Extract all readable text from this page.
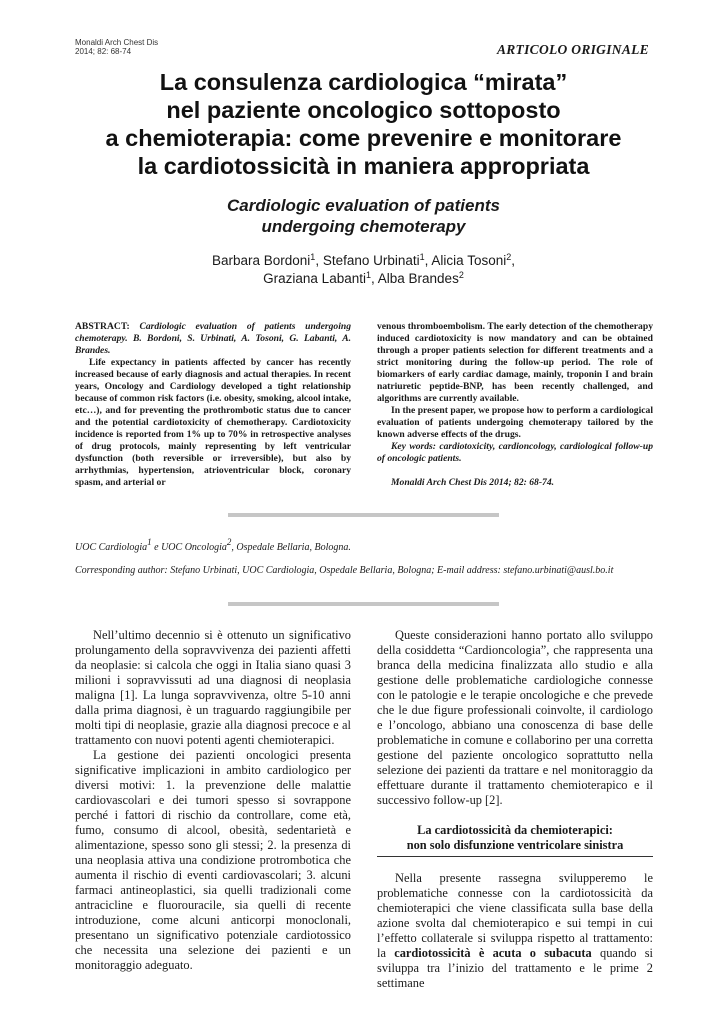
Monaldi Arch Chest Dis
2014; 82: 68-74	ARTICOLO ORIGINALE
La consulenza cardiologica “mirata”
nel paziente oncologico sottoposto
a chemioterapia: come prevenire e monitorare
la cardiotossicità in maniera appropriata
Cardiologic evaluation of patients
undergoing chemoterapy
Barbara Bordoni$^1$, Stefano Urbinati$^1$, Alicia Tosoni$^2$,
Graziana Labanti$^1$, Alba Brandes$^2$

ABSTRACT: Cardiologic evaluation of patients undergoing chemoterapy. B. Bordoni, S. Urbinati, A. Tosoni, G. Labanti, A. Brandes.

Life expectancy in patients affected by cancer has recently increased because of early diagnosis and actual therapies. In recent years, Oncology and Cardiology developed a tight relationship because of common risk factors (i.e. obesity, smoking, alcool intake, etc…), and for preventing the prothrombotic status due to cancer and the potential cardiotoxicity of chemotherapy. Cardiotoxicity incidence is reported from 1% up to 70% in retrospective analyses of drug protocols, mainly representing by left ventricular dysfunction (both reversible or irreversible), but also by arrhythmias, hypertension, atrioventricular block, coronary spasm, and arterial or

venous thromboembolism. The early detection of the chemotherapy induced cardiotoxicity is now mandatory and can be obtained through a proper patients selection for different treatments and a strict monitoring during the follow-up period. The role of biomarkers of early cardiac damage, mainly, troponin I and brain natriuretic peptide-BNP, has been recently challenged, and algorithms are currently available.

In the present paper, we propose how to perform a cardiological evaluation of patients undergoing chemoterapy tailored by the known adverse effects of the drugs.

Key words: cardiotoxicity, cardioncology, cardiological follow-up of oncologic patients.

Monaldi Arch Chest Dis 2014; 82: 68-74.

UOC Cardiologia$^1$ e UOC Oncologia$^2$, Ospedale Bellaria, Bologna.
Corresponding author: Stefano Urbinati, UOC Cardiologia, Ospedale Bellaria, Bologna; E-mail address: stefano.urbinati@ausl.bo.it

Nell’ultimo decennio si è ottenuto un significativo prolungamento della sopravvivenza dei pazienti affetti da neoplasie: si calcola che oggi in Italia siano quasi 3 milioni i sopravvissuti ad una diagnosi di neoplasia maligna [1]. La lunga sopravvivenza, oltre 5-10 anni dalla prima diagnosi, è un traguardo raggiungibile per molti tipi di neoplasie, grazie alla diagnosi precoce e al trattamento con nuovi potenti agenti chemioterapici.

La gestione dei pazienti oncologici presenta significative implicazioni in ambito cardiologico per diversi motivi: 1. la prevenzione delle malattie cardiovascolari e dei tumori spesso si sovrappone perché i fattori di rischio da controllare, come età, fumo, consumo di alcool, obesità, sedentarietà e alimentazione, spesso sono gli stessi; 2. la presenza di una neoplasia attiva una condizione protrombotica che aumenta il rischio di eventi cardiovascolari; 3. alcuni farmaci antineoplastici, sia quelli tradizionali come antracicline e fluorouracile, sia quelli di recente introduzione, come alcuni anticorpi monoclonali, presentano un significativo potenziale cardiotossico che necessita una selezione dei pazienti e un monitoraggio adeguato.

Queste considerazioni hanno portato allo sviluppo della cosiddetta “Cardioncologia”, che rappresenta una branca della medicina finalizzata allo studio e alla gestione delle problematiche cardiologiche connesse con le patologie e le terapie oncologiche e che prevede che le due figure professionali coinvolte, il cardiologo e l’oncologo, abbiano una conoscenza di base delle problematiche in comune e collaborino per una corretta gestione del paziente oncologico soprattutto nella selezione dei pazienti da trattare e nel monitoraggio da effettuare durante il trattamento chemioterapico e il successivo follow-up [2].

La cardiotossicità da chemioterapici:
non solo disfunzione ventricolare sinistra

Nella presente rassegna svilupperemo le problematiche connesse con la cardiotossicità da chemioterapici che viene classificata sulla base della azione svolta dal chemioterapico e sui tempi in cui l’effetto collaterale si sviluppa rispetto al trattamento: la cardiotossicità è acuta o subacuta quando si sviluppa tra l’inizio del trattamento e le prime 2 settimane
